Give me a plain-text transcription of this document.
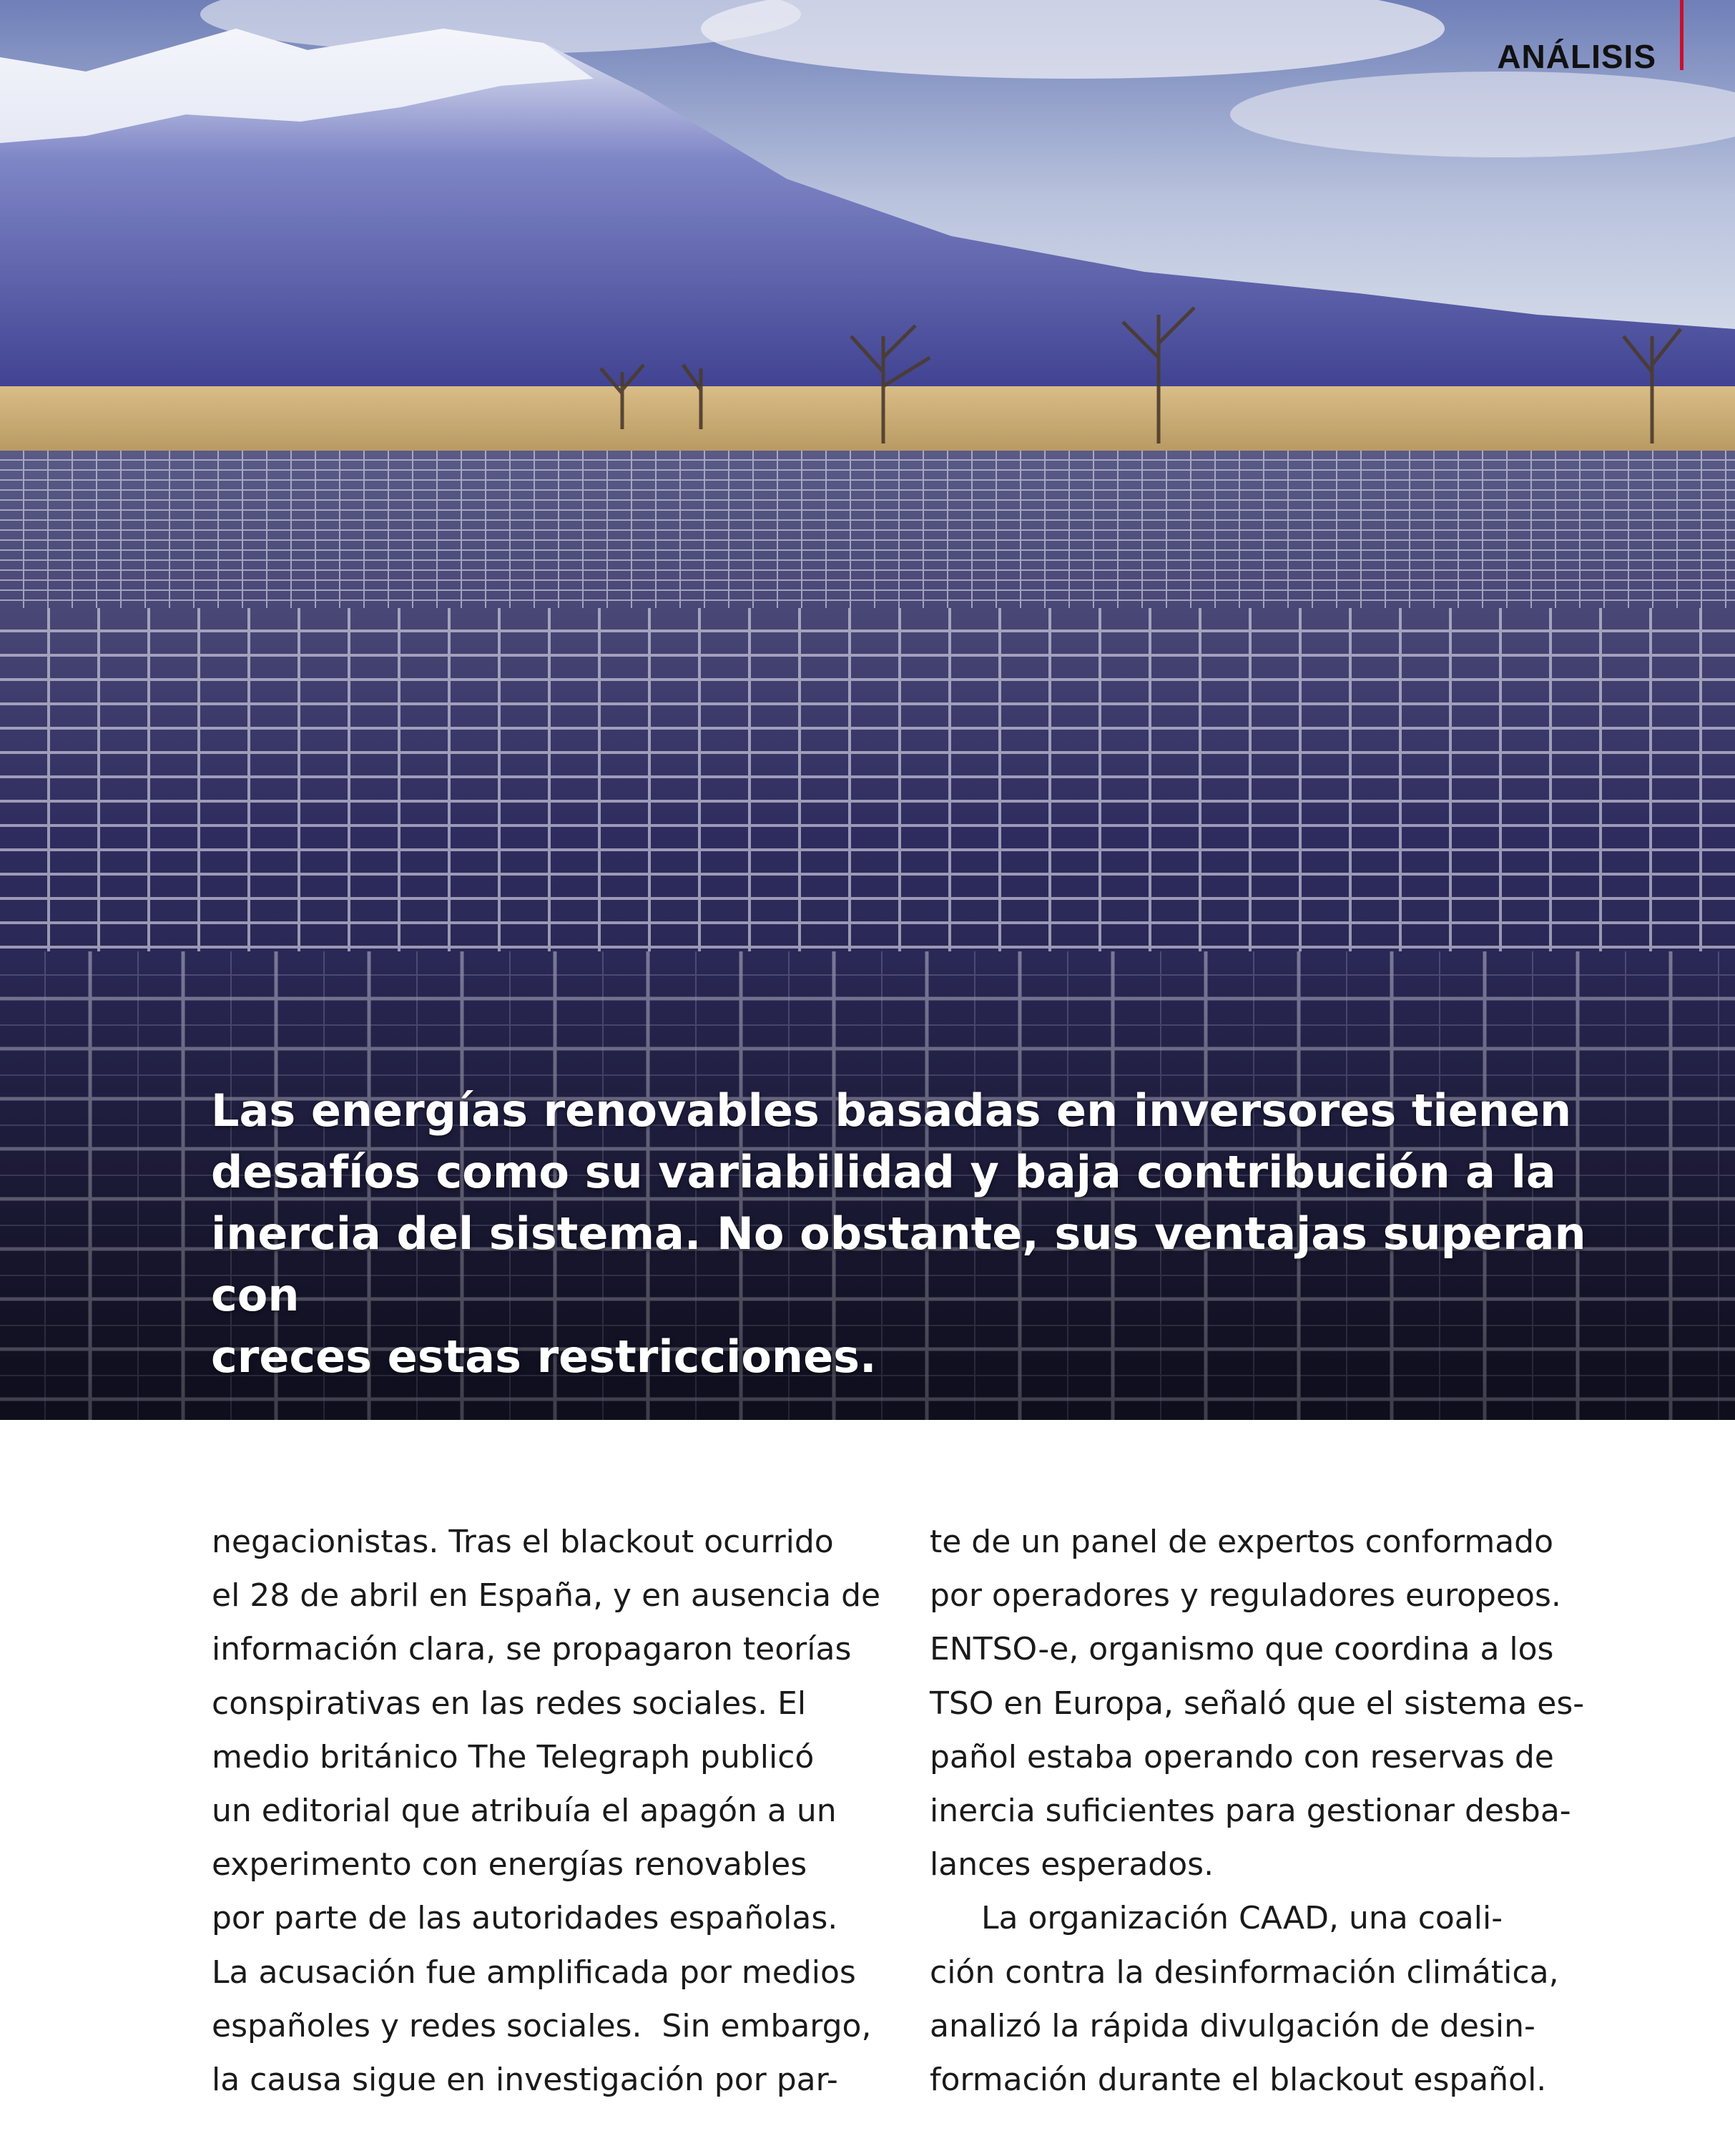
ANÁLISIS
Las energías renovables basadas en inversores tienen
desafíos como su variabilidad y baja contribución a la
inercia del sistema. No obstante, sus ventajas superan con
creces estas restricciones.

negacionistas. Tras el blackout ocurrido

el 28 de abril en España, y en ausencia de

información clara, se propagaron teorías

conspirativas en las redes sociales. El

medio británico The Telegraph publicó

un editorial que atribuía el apagón a un

experimento con energías renovables

por parte de las autoridades españolas.

La acusación fue amplificada por medios

españoles y redes sociales.  Sin embargo,

la causa sigue en investigación por par-

te de un panel de expertos conformado

por operadores y reguladores europeos.

ENTSO-e, organismo que coordina a los

TSO en Europa, señaló que el sistema es-

pañol estaba operando con reservas de

inercia suficientes para gestionar desba-

lances esperados.

La organización CAAD, una coali-

ción contra la desinformación climática,

analizó la rápida divulgación de desin-

formación durante el blackout español.
